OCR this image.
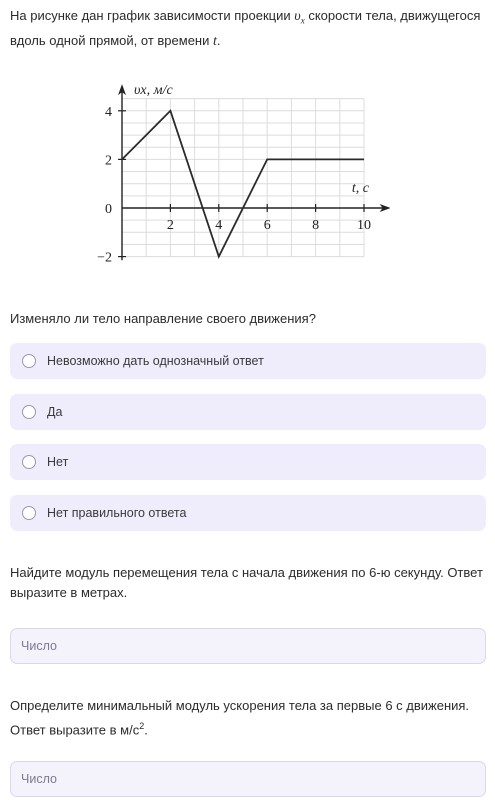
На рисунке дан график зависимости проекции $\upsilon_x$ скорости тела, движущегося вдоль одной прямой, от времени t.
2	4	6	8	10
−2
0
2
4
υx, м/с
t, c
Изменяло ли тело направление своего движения?
Невозможно дать однозначный ответ
Да
Нет
Нет правильного ответа
Найдите модуль перемещения тела с начала движения по 6-ю секунду. Ответ выразите в метрах.
Число
Определите минимальный модуль ускорения тела за первые 6 с движения. Ответ выразите в $м/с^2$.
Число
